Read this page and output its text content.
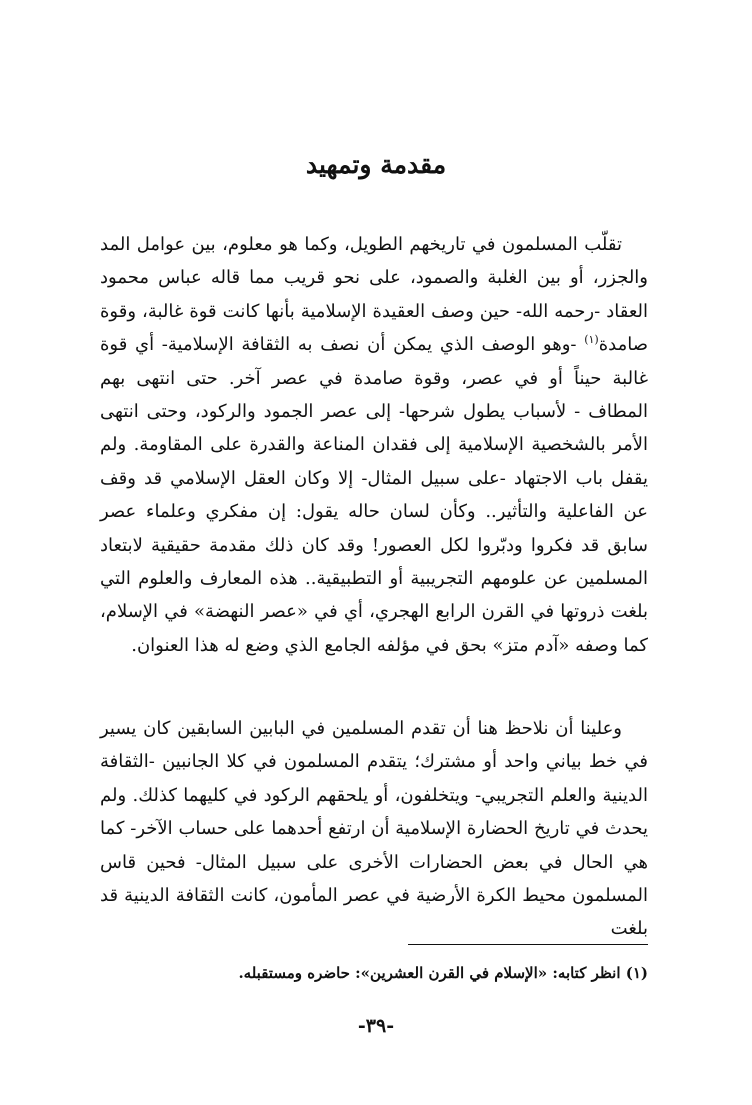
مقدمة وتمهيد

تقلّب المسلمون في تاريخهم الطويل، وكما هو معلوم، بين عوامل المد والجزر، أو بين الغلبة والصمود، على نحو قريب مما قاله عباس محمود العقاد -رحمه الله- حين وصف العقيدة الإسلامية بأنها كانت قوة غالبة، وقوة صامدة$^{(١)}$ -وهو الوصف الذي يمكن أن نصف به الثقافة الإسلامية- أي قوة غالبة حيناً أو في عصر، وقوة صامدة في عصر آخر. حتى انتهى بهم المطاف - لأسباب يطول شرحها- إلى عصر الجمود والركود، وحتى انتهى الأمر بالشخصية الإسلامية إلى فقدان المناعة والقدرة على المقاومة. ولم يقفل باب الاجتهاد -على سبيل المثال- إلا وكان العقل الإسلامي قد وقف عن الفاعلية والتأثير.. وكأن لسان حاله يقول: إن مفكري وعلماء عصر سابق قد فكروا ودبّروا لكل العصور! وقد كان ذلك مقدمة حقيقية لابتعاد المسلمين عن علومهم التجريبية أو التطبيقية.. هذه المعارف والعلوم التي بلغت ذروتها في القرن الرابع الهجري، أي في «عصر النهضة» في الإسلام، كما وصفه «آدم متز» بحق في مؤلفه الجامع الذي وضع له هذا العنوان.

وعلينا أن نلاحظ هنا أن تقدم المسلمين في البابين السابقين كان يسير في خط بياني واحد أو مشترك؛ يتقدم المسلمون في كلا الجانبين -الثقافة الدينية والعلم التجريبي- ويتخلفون، أو يلحقهم الركود في كليهما كذلك. ولم يحدث في تاريخ الحضارة الإسلامية أن ارتفع أحدهما على حساب الآخر- كما هي الحال في بعض الحضارات الأخرى على سبيل المثال- فحين قاس المسلمون محيط الكرة الأرضية في عصر المأمون، كانت الثقافة الدينية قد بلغت

(١) انظر كتابه: «الإسلام في القرن العشرين»: حاضره ومستقبله.

-٣٩-
